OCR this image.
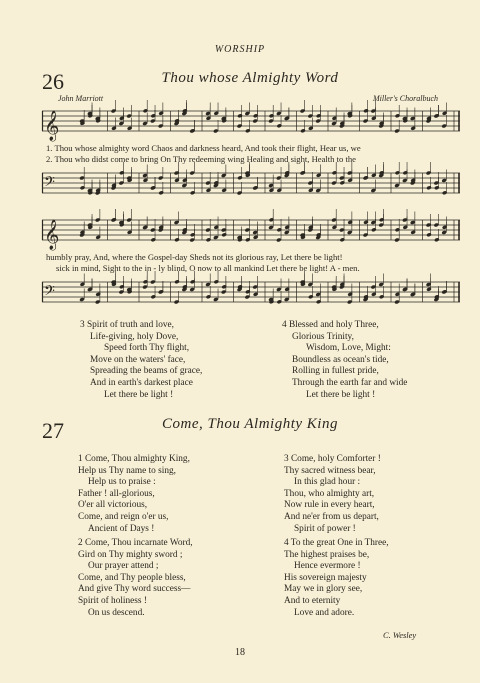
WORSHIP
26	Thou whose Almighty Word
John Marriott	Miller's Choralbuch
𝄞
1. Thou whose almighty word Chaos and darkness heard, And took their flight, Hear us, we
2. Thou who didst come to bring On Thy redeeming wing Healing and sight, Health to the
𝄢
𝄞
humbly pray, And, where the Gospel-day Sheds not its glorious ray, Let there be light!
sick in mind, Sight to the in - ly blind, O now to all mankind Let there be light! A - men.
𝄢
3 Spirit of truth and love,
Life-giving, holy Dove,
Speed forth Thy flight,
Move on the waters' face,
Spreading the beams of grace,
And in earth's darkest place
Let there be light !
4 Blessed and holy Three,
Glorious Trinity,
Wisdom, Love, Might:
Boundless as ocean's tide,
Rolling in fullest pride,
Through the earth far and wide
Let there be light !
27	Come, Thou Almighty King
1 Come, Thou almighty King,
Help us Thy name to sing,
Help us to praise :
Father ! all-glorious,
O'er all victorious,
Come, and reign o'er us,
Ancient of Days !
2 Come, Thou incarnate Word,
Gird on Thy mighty sword ;
Our prayer attend ;
Come, and Thy people bless,
And give Thy word success—
Spirit of holiness !
On us descend.
3 Come, holy Comforter !
Thy sacred witness bear,
In this glad hour :
Thou, who almighty art,
Now rule in every heart,
And ne'er from us depart,
Spirit of power !
4 To the great One in Three,
The highest praises be,
Hence evermore !
His sovereign majesty
May we in glory see,
And to eternity
Love and adore.
C. Wesley
18
